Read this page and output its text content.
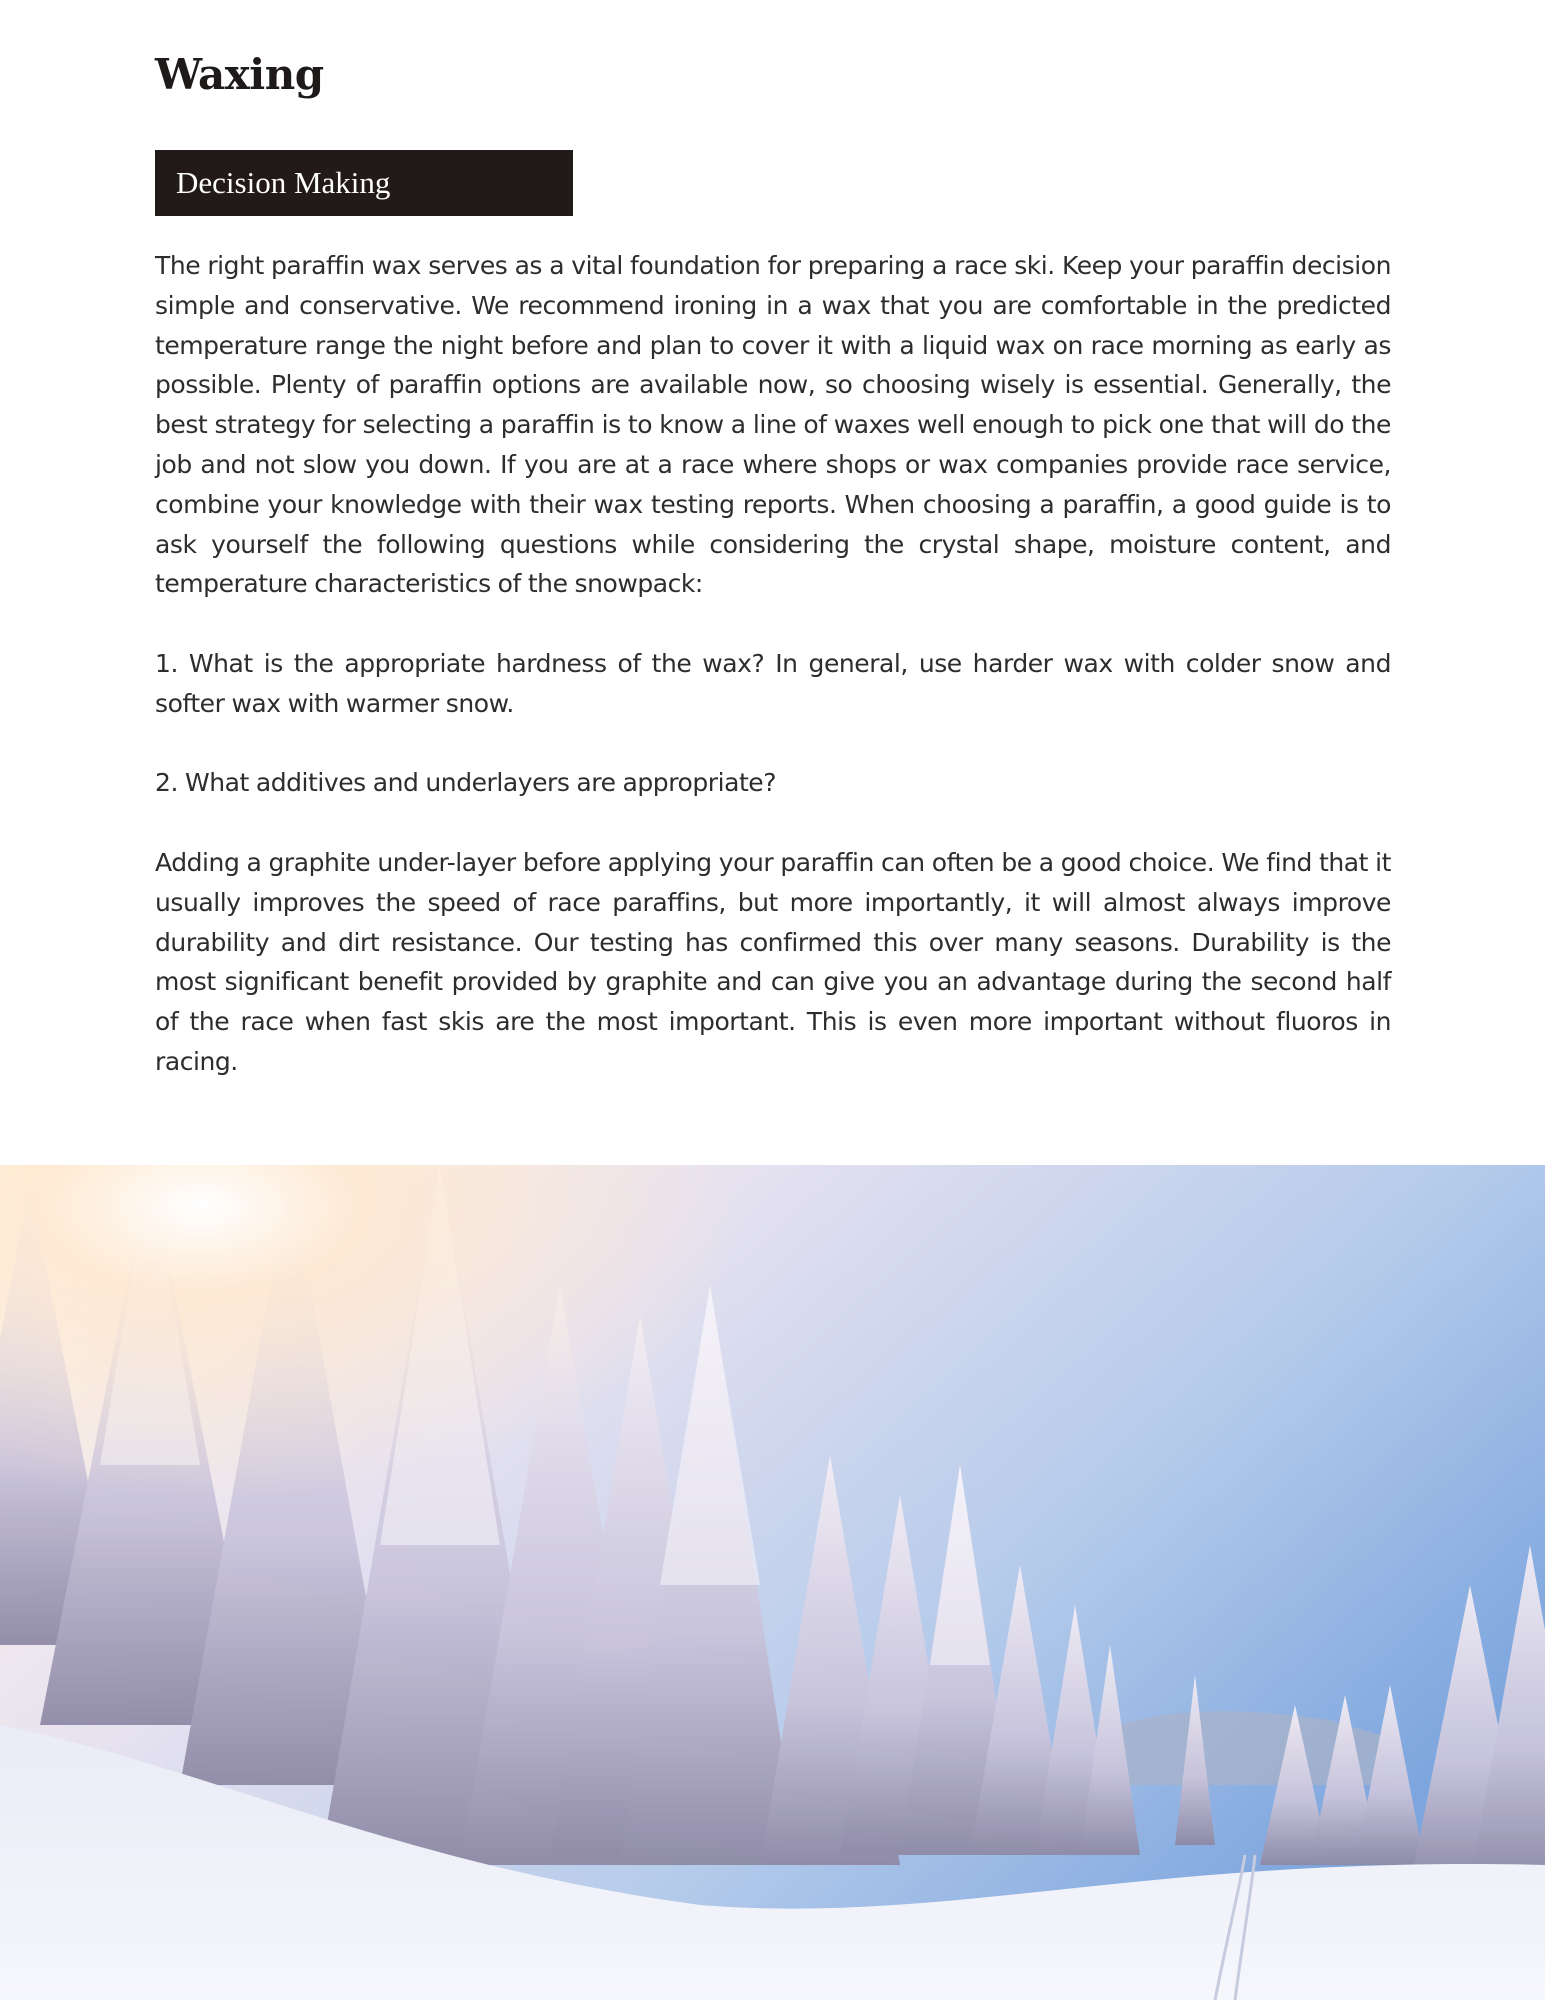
Waxing
Decision Making

The right paraffin wax serves as a vital foundation for preparing a race ski. Keep your paraffin decision simple and conservative. We recommend ironing in a wax that you are comfortable in the predicted temperature range the night before and plan to cover it with a liquid wax on race morning as early as possible. Plenty of paraffin options are available now, so choosing wisely is essential. Generally, the best strategy for selecting a paraffin is to know a line of waxes well enough to pick one that will do the job and not slow you down. If you are at a race where shops or wax companies provide race service, combine your knowledge with their wax testing reports. When choosing a paraffin, a good guide is to ask yourself the following questions while considering the crystal shape, moisture content, and temperature characteristics of the snowpack:

1. What is the appropriate hardness of the wax? In general, use harder wax with colder snow and softer wax with warmer snow.

2. What additives and underlayers are appropriate?

Adding a graphite under-layer before applying your paraffin can often be a good choice. We find that it usually improves the speed of race paraffins, but more importantly, it will almost always improve durability and dirt resistance. Our testing has confirmed this over many seasons. Durability is the most significant benefit provided by graphite and can give you an advantage during the second half of the race when fast skis are the most important. This is even more important without fluoros in racing.
